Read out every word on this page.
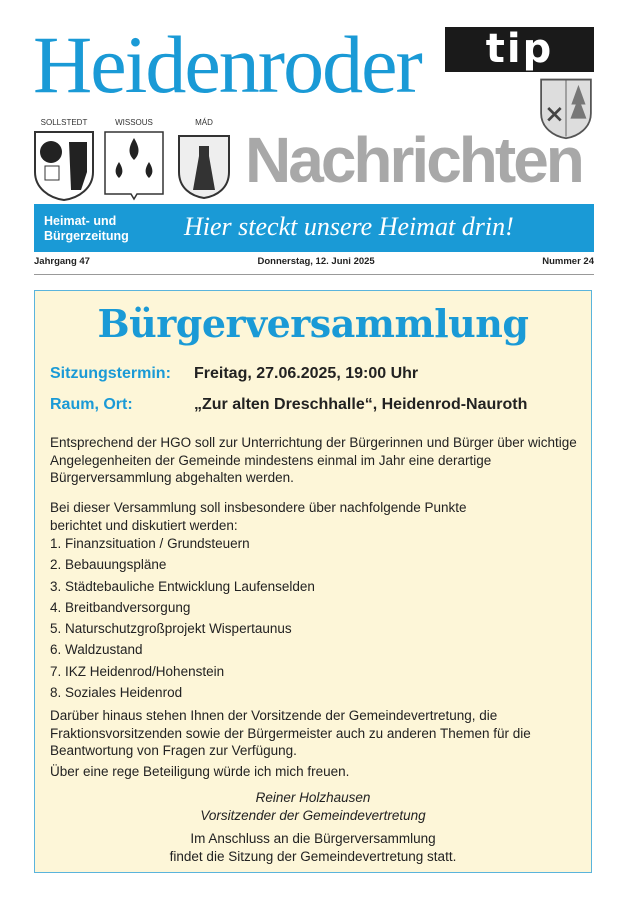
Heidenroder	tip
SOLLSTEDT	WISSOUS	MÁD
Nachrichten
Heimat- und
Bürgerzeitung Hier steckt unsere Heimat drin!
Jahrgang 47	Donnerstag, 12. Juni 2025	Nummer 24
Bürgerversammlung
Sitzungstermin: Freitag, 27.06.2025, 19:00 Uhr
Raum, Ort:	„Zur alten Dreschhalle“, Heidenrod-Nauroth
Entsprechend der HGO soll zur Unterrichtung der Bürgerinnen und Bürger über wichtige Angelegenheiten der Gemeinde mindestens einmal im Jahr eine derartige Bürgerversammlung abgehalten werden.
Bei dieser Versammlung soll insbesondere über nachfolgende Punkte berichtet und diskutiert werden:
1. Finanzsituation / Grundsteuern
2. Bebauungspläne
3. Städtebauliche Entwicklung Laufenselden
4. Breitbandversorgung
5. Naturschutzgroßprojekt Wispertaunus
6. Waldzustand
7. IKZ Heidenrod/Hohenstein
8. Soziales Heidenrod
Darüber hinaus stehen Ihnen der Vorsitzende der Gemeindevertretung, die Fraktionsvorsitzenden sowie der Bürgermeister auch zu anderen Themen für die Beantwortung von Fragen zur Verfügung.
Über eine rege Beteiligung würde ich mich freuen.
Reiner Holzhausen
Vorsitzender der Gemeindevertretung
Im Anschluss an die Bürgerversammlung
findet die Sitzung der Gemeindevertretung statt.
